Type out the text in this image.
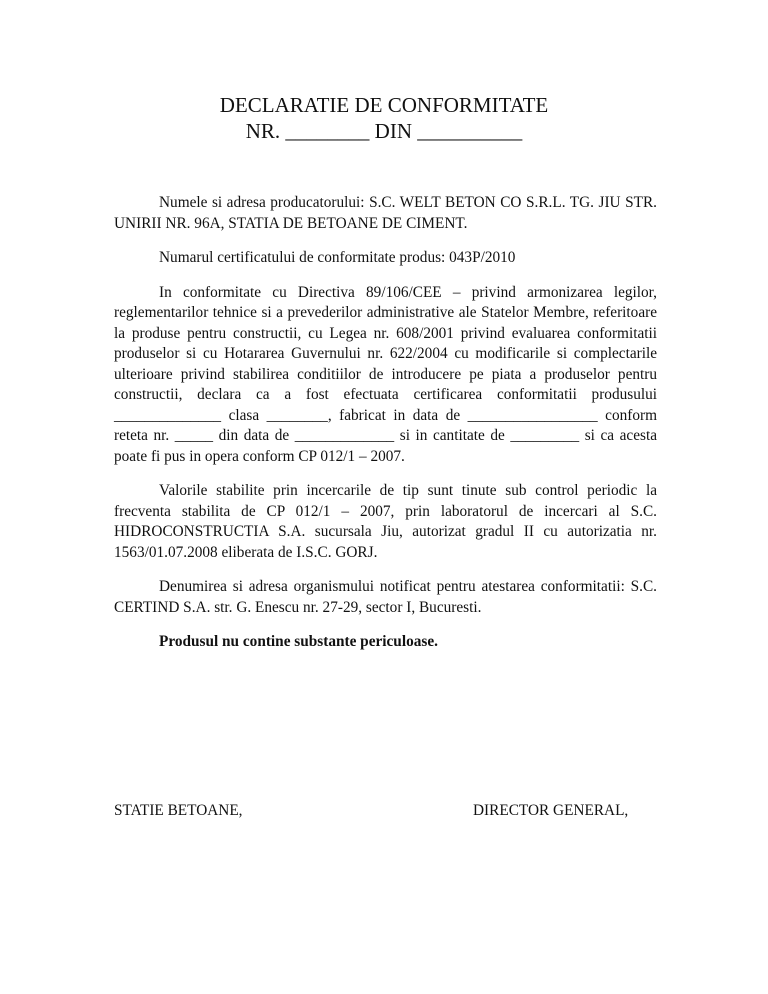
DECLARATIE DE CONFORMITATE
NR. ________ DIN __________

Numele si adresa producatorului: S.C. WELT BETON CO S.R.L. TG. JIU STR. UNIRII NR. 96A, STATIA DE BETOANE DE CIMENT.

Numarul certificatului de conformitate produs: 043P/2010

In conformitate cu Directiva 89/106/CEE – privind armonizarea legilor, reglementarilor tehnice si a prevederilor administrative ale Statelor Membre, referitoare la produse pentru constructii, cu Legea nr. 608/2001 privind evaluarea conformitatii produselor si cu Hotararea Guvernului nr. 622/2004 cu modificarile si complectarile ulterioare privind stabilirea conditiilor de introducere pe piata a produselor pentru constructii, declara ca a fost efectuata certificarea conformitatii produsului ______________ clasa ________, fabricat in data de _________________ conform reteta nr. _____ din data de _____________ si in cantitate de _________ si ca acesta poate fi pus in opera conform CP 012/1 – 2007.

Valorile stabilite prin incercarile de tip sunt tinute sub control periodic la frecventa stabilita de CP 012/1 – 2007, prin laboratorul de incercari al S.C. HIDROCONSTRUCTIA S.A. sucursala Jiu, autorizat gradul II cu autorizatia nr. 1563/01.07.2008 eliberata de I.S.C. GORJ.

Denumirea si adresa organismului notificat pentru atestarea conformitatii: S.C. CERTIND S.A. str. G. Enescu nr. 27-29, sector I, Bucuresti.

Produsul nu contine substante periculoase.

STATIE BETOANE,	DIRECTOR GENERAL,
